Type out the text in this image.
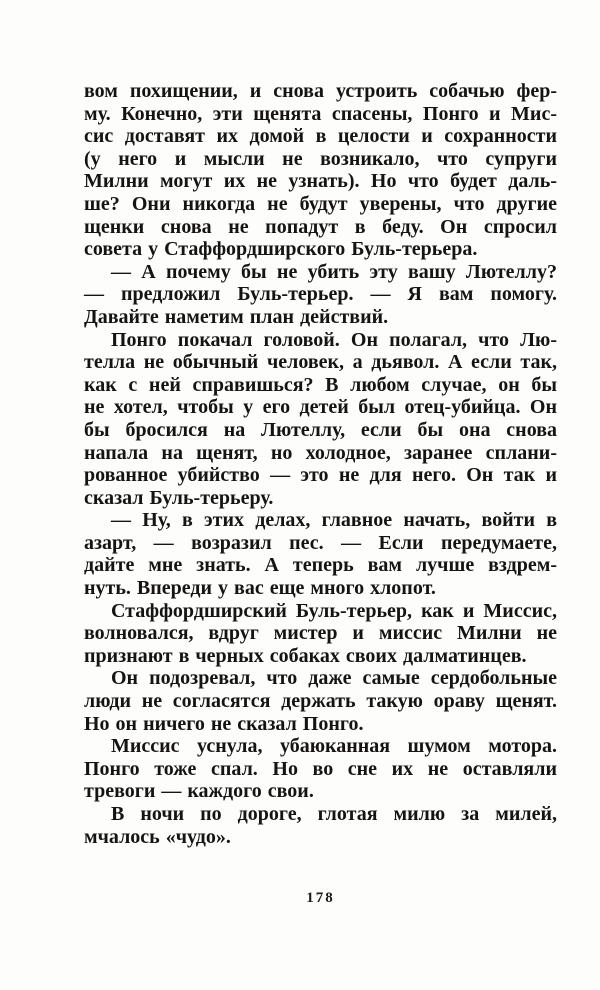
вом похищении, и снова устроить собачью фер-
му. Конечно, эти щенята спасены, Понго и Мис-
сис доставят их домой в целости и сохранности
(у него и мысли не возникало, что супруги
Милни могут их не узнать). Но что будет даль-
ше? Они никогда не будут уверены, что другие
щенки снова не попадут в беду. Он спросил
совета у Стаффордширского Буль-терьера.
— А почему бы не убить эту вашу Лютеллу?
— предложил Буль-терьер. — Я вам помогу.
Давайте наметим план действий.
Понго покачал головой. Он полагал, что Лю-
телла не обычный человек, а дьявол. А если так,
как с ней справишься? В любом случае, он бы
не хотел, чтобы у его детей был отец-убийца. Он
бы бросился на Лютеллу, если бы она снова
напала на щенят, но холодное, заранее сплани-
рованное убийство — это не для него. Он так и
сказал Буль-терьеру.
— Ну, в этих делах, главное начать, войти в
азарт, — возразил пес. — Если передумаете,
дайте мне знать. А теперь вам лучше вздрем-
нуть. Впереди у вас еще много хлопот.
Стаффордширский Буль-терьер, как и Миссис,
волновался, вдруг мистер и миссис Милни не
признают в черных собаках своих далматинцев.
Он подозревал, что даже самые сердобольные
люди не согласятся держать такую ораву щенят.
Но он ничего не сказал Понго.
Миссис уснула, убаюканная шумом мотора.
Понго тоже спал. Но во сне их не оставляли
тревоги — каждого свои.
В ночи по дороге, глотая милю за милей,
мчалось «чудо».
178
